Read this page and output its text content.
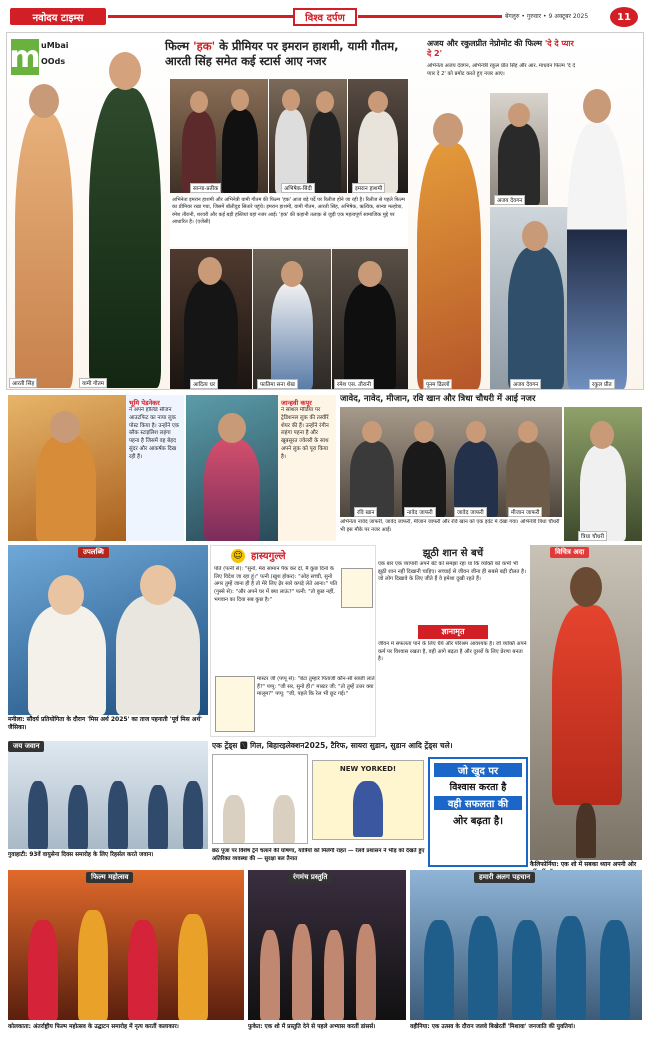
नवोदय टाइम्स	विश्व दर्पण	बेंगलुरु • गुरुवार • 9 अक्टूबर 2025	11
m uMbai
OOds
फिल्म 'हक' के प्रीमियर पर इमरान हाशमी, यामी गौतम, आरती सिंह समेत कई स्टार्स आए नजर
अजय और रकुलप्रीत नेप्रोमोट की फिल्म 'दे दे प्यार दे 2'
अभिनेता अजय देवगन, अभिनेत्री रकुल प्रीत सिंह और आर. माधवन फिल्म 'दे दे प्यार दे 2' को प्रमोट करते हुए नजर आए।
आरती सिंह	यामी गौतम
सान्या-प्रतीक	अभिषेक-बिंदी	इमरान हाशमी
अभिनेता इमरान हाशमी और अभिनेत्री यामी गौतम की फिल्म 'हक' आज बड़े पर्दे पर रिलीज होने जा रही है। रिलीज से पहले फिल्म का प्रीमियर रखा गया, जिसमें बॉलीवुड सितारे पहुंचे। इमरान हाशमी, यामी गौतम, आरती सिंह, अभिषेक, ऋत्विक, सान्या मल्होत्रा, रमेश तौरानी, शरवरी और कई बड़ी हस्तियां यहां नजर आईं। 'हक' की कहानी तलाक़ से जुड़ी एक महत्वपूर्ण सामाजिक मुद्दे पर आधारित है। (एजेंसी)
आदित्य धर	फातिमा सना शेख	रमेश एस. तौरानी	पूनम ढिल्लों
अजय देवगन
अजय देवगन	रकुल प्रीत
भूमि पेडनेकर
ने अपने हॉलिडे सीजन आउटफिट का नाया लुक पोस्ट किया है। उन्होंने एक ब्लैक स्टाइलिश लहंगा पहना है जिसमें वह बेहद सुंदर और आकर्षक दिख रही हैं।
जान्हवी कपूर
ने सोशल मीडिया पर ट्रेडिशनल लुक की तस्वीरें शेयर की हैं। उन्होंने रंगीन लहंगा पहना है और खूबसूरत ज्वेलरी के साथ अपने लुक को पूरा किया है।
जावेद, नावेद, मीजान, रवि खान और त्रिधा चौधरी में आई नजर
रवि खान	नावेद जाफरी	जावेद जाफरी	मीजान जाफरी
त्रिधा चौधरी
अभिनेता नावेद जाफरी, जावेद जाफरी, मीजान जाफरी और रवि खान को एक इवेंट में देखा गया। अभिनेत्री त्रिधा चौधरी भी इस मौके पर नजर आईं।
उपलब्धि
मनीला: सौंदर्य प्रतियोगिता के दौरान 'मिस अर्थ 2025' का ताज पहनाती 'पूर्व मिस अर्थ' जैसिका।
हास्यगुल्ले
☺
पति (पत्नी से): "सुनो, मेरा सामान पैक कर दो, मैं कुछ दिनों के लिए विदेश जा रहा हूं।" पत्नी (खुश होकर): "ओह सच्ची, सुनो अगर तुम्हें जाना ही है तो मेरे लिए ढ़ेर सारे कपड़े लेते आना।" पति (गुस्से से): "और अपने घर में क्या लाऊं?" पत्नी: "तो कुछ नहीं, भगवान का दिया सब कुछ है।"
मास्टर जी (पप्पू से): "बेटा तुम्हारे पिताजी कौन-सी सब्जी लाते हैं?" पप्पू: "जी सर, सुनो ही।" मास्टर जी: "तो तुम्हें उत्तर क्या मालूम?" पप्पू: "जी, पहले कि रेल भी छूट गई।"
झूठी शान से बचें
एक बार एक व्यापारी अपने बेटे को समझा रहा था कि व्यक्ति को कभी भी झूठी शान नहीं दिखानी चाहिए। सच्चाई से जीवन जीना ही सबसे बड़ी दौलत है। जो लोग दिखावे के लिए जीते हैं वे हमेशा दुखी रहते हैं।
ज्ञानामृत
जीवन में सफलता पाने के लिए धैर्य और परिश्रम आवश्यक है। जो व्यक्ति अपने कर्म पर विश्वास रखता है, वही आगे बढ़ता है और दूसरों के लिए प्रेरणा बनता है।
विचित्र अदा
कैलिफोर्निया: एक शो में सबका ध्यान अपनी ओर
जय जवान
गुवाहाटी: 93वें वायुसेना दिवस समारोह के लिए रिहर्सल करते जवान।
एक ट्रेंड्स 🆇 गिल, बिहारइलेक्शन2025, टैरिफ, सायरा सुडान, सुडान आदि ट्रेंड्स चले।
NEW YORKED!	जो खुद पर
विश्वास करता है
वही सफलता की
ओर बढ़ता है।
छठ पूजा पर विशेष ट्रेनें चलाने की घोषणा, यात्रियों को मिलेगी राहत — रेलवे प्रशासन ने भीड़ को देखते हुए अतिरिक्त व्यवस्था की — सुरक्षा बल तैनात
फिल्म महोत्सव
कोलकाता: अंतर्राष्ट्रीय फिल्म महोत्सव के उद्घाटन समारोह में नृत्य करतीं कलाकार।
रंगमंच प्रस्तुति
फुकेत: एक शो में प्रस्तुति देने से पहले अभ्यास करतीं डांसर्स।
हमारी अलग पहचान
वहीनिया: एक उत्सव के दौरान जलवे बिखेरतीं 'मिशावा' जनजाति की युवतियां।
